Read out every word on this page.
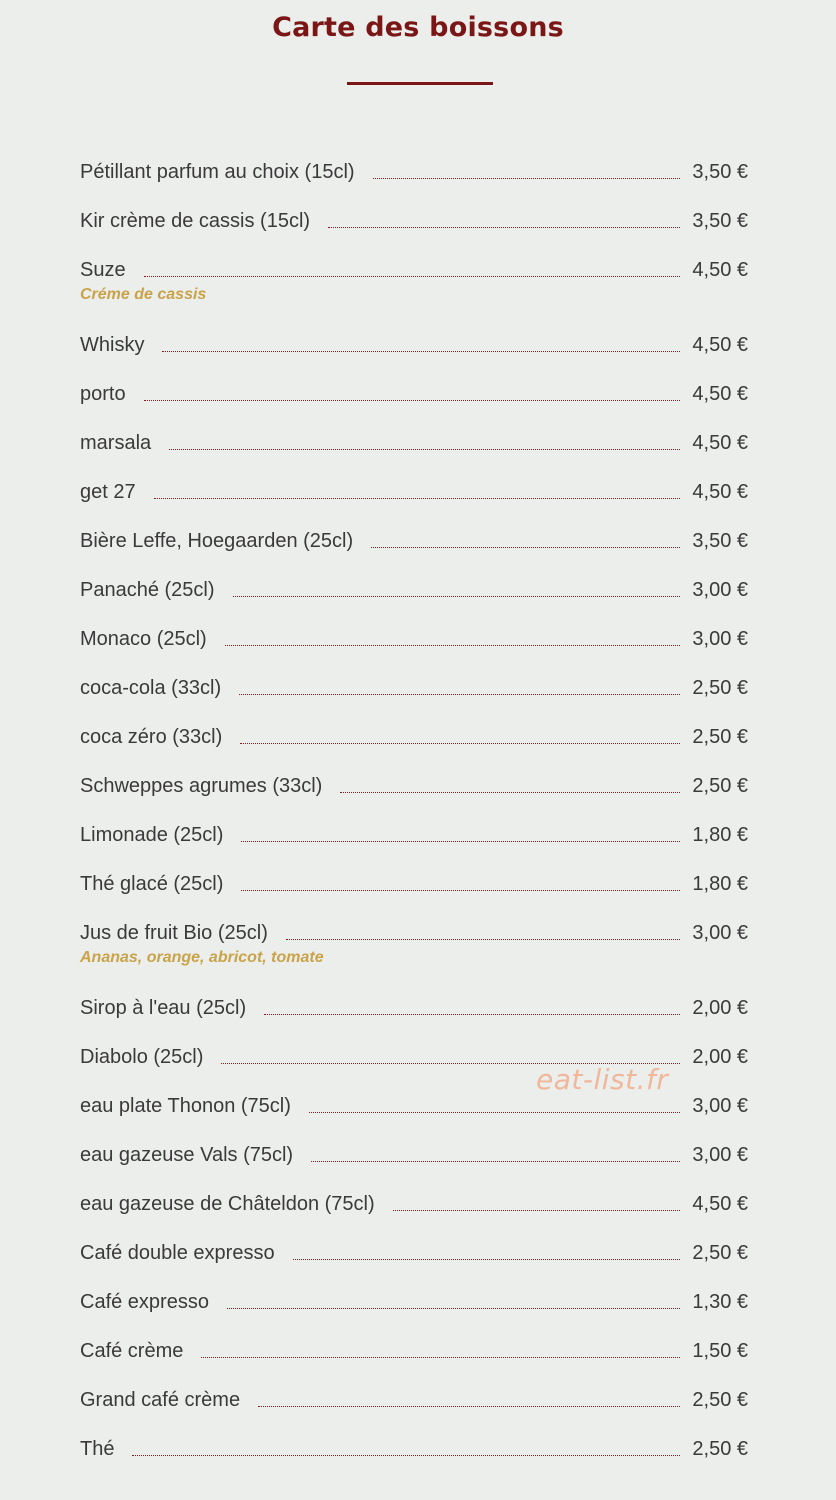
Carte des boissons
Pétillant parfum au choix (15cl)	3,50 €
Kir crème de cassis (15cl)	3,50 €
Suze	4,50 €
Créme de cassis
Whisky	4,50 €
porto	4,50 €
marsala	4,50 €
get 27	4,50 €
Bière Leffe, Hoegaarden (25cl)	3,50 €
Panaché (25cl)	3,00 €
Monaco (25cl)	3,00 €
coca-cola (33cl)	2,50 €
coca zéro (33cl)	2,50 €
Schweppes agrumes (33cl)	2,50 €
Limonade (25cl)	1,80 €
Thé glacé (25cl)	1,80 €
Jus de fruit Bio (25cl)	3,00 €
Ananas, orange, abricot, tomate
Sirop à l'eau (25cl)	2,00 €
Diabolo (25cl)	2,00 €
eau plate Thonon (75cl)	3,00 €
eau gazeuse Vals (75cl)	3,00 €
eau gazeuse de Châteldon (75cl)	4,50 €
Café double expresso	2,50 €
Café expresso	1,30 €
Café crème	1,50 €
Grand café crème	2,50 €
Thé	2,50 €
eat-list.fr
